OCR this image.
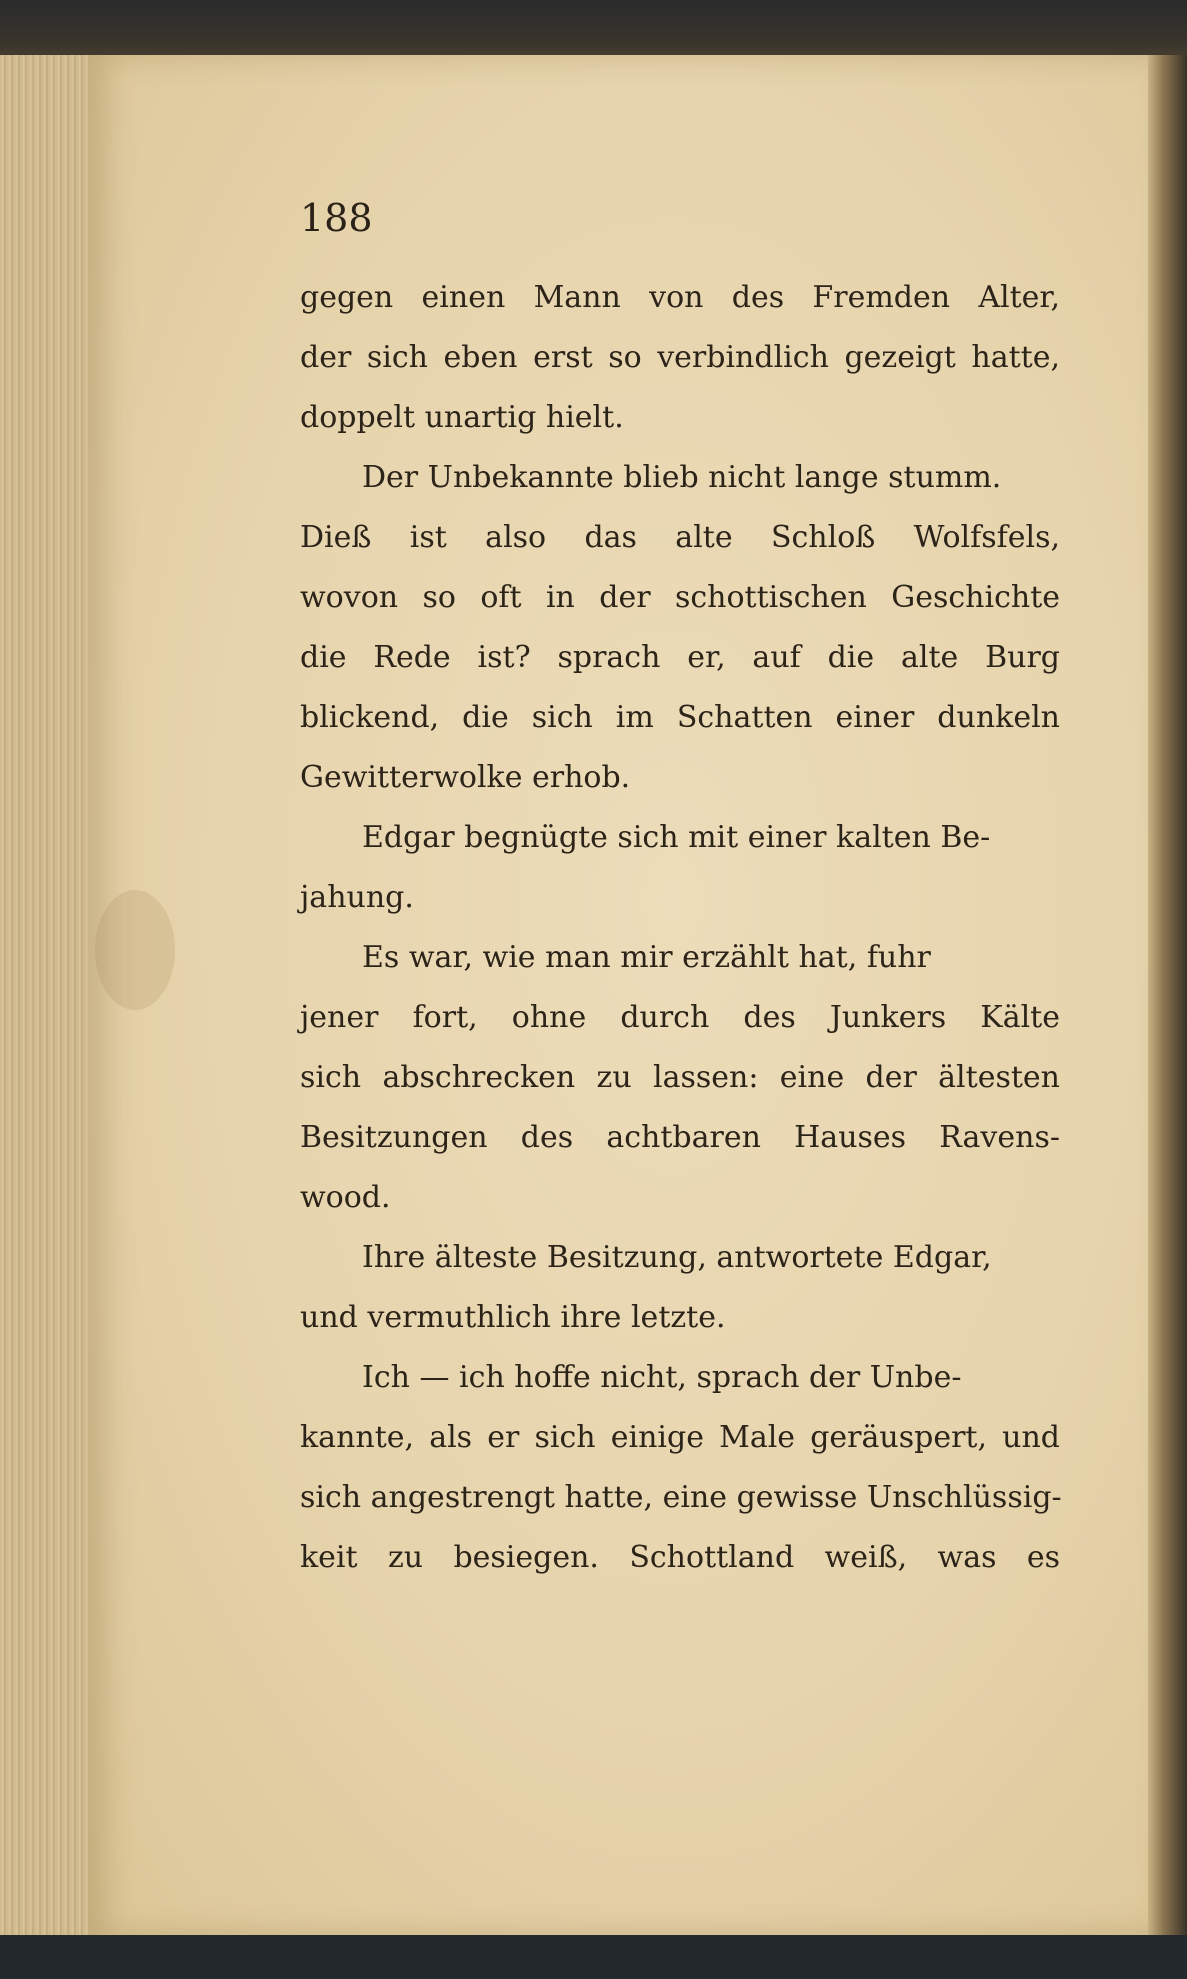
188

gegen einen Mann von des Fremden Alter,
der sich eben erst so verbindlich gezeigt hatte,
doppelt unartig hielt.
Der Unbekannte blieb nicht lange stumm.
Dieß ist also das alte Schloß Wolfsfels,
wovon so oft in der schottischen Geschichte
die Rede ist? sprach er, auf die alte Burg
blickend, die sich im Schatten einer dunkeln
Gewitterwolke erhob.
Edgar begnügte sich mit einer kalten Be-
jahung.
Es war, wie man mir erzählt hat, fuhr
jener fort, ohne durch des Junkers Kälte
sich abschrecken zu lassen: eine der ältesten
Besitzungen des achtbaren Hauses Ravens-
wood.
Ihre älteste Besitzung, antwortete Edgar,
und vermuthlich ihre letzte.
Ich — ich hoffe nicht, sprach der Unbe-
kannte, als er sich einige Male geräuspert, und
sich angestrengt hatte, eine gewisse Unschlüssig-
keit zu besiegen. Schottland weiß, was es
